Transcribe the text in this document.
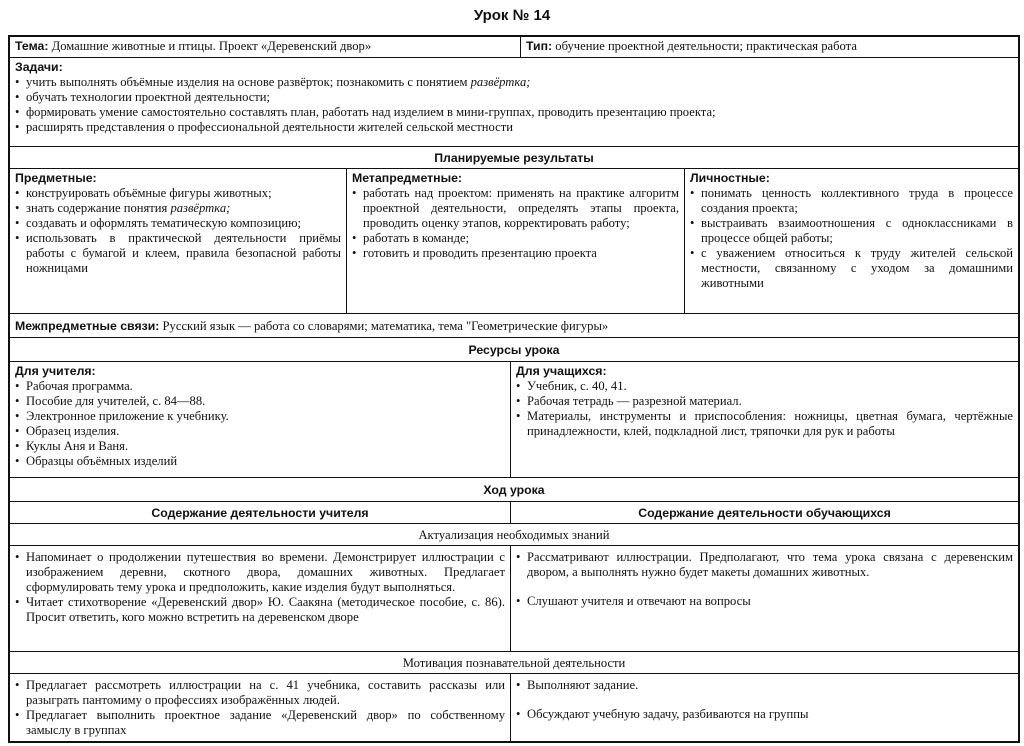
Урок № 14
Тема: Домашние животные и птицы. Проект «Деревенский двор»	Тип: обучение проектной деятельности; практическая работа
Задачи:
• учить выполнять объёмные изделия на основе развёрток; познакомить с понятием развёртка;
• обучать технологии проектной деятельности;
• формировать умение самостоятельно составлять план, работать над изделием в мини-группах, проводить презентацию проекта;
• расширять представления о профессиональной деятельности жителей сельской местности
Планируемые результаты
Предметные:
• конструировать объёмные фигуры животных;
• знать содержание понятия развёртка;
• создавать и оформлять тематическую композицию;
• использовать в практической деятельности приёмы работы с бумагой и клеем, правила безопасной работы ножницами
Метапредметные:
• работать над проектом: применять на практике алгоритм проектной деятельности, определять этапы проекта, проводить оценку этапов, корректировать работу;
• работать в команде;
• готовить и проводить презентацию проекта
Личностные:
• понимать ценность коллективного труда в процессе создания проекта;
• выстраивать взаимоотношения с одноклассниками в процессе общей работы;
• с уважением относиться к труду жителей сельской местности, связанному с уходом за домашними животными
Межпредметные связи: Русский язык — работа со словарями; математика, тема "Геометрические фигуры»
Ресурсы урока
Для учителя:
• Рабочая программа.
• Пособие для учителей, с. 84—88.
• Электронное приложение к учебнику.
• Образец изделия.
• Куклы Аня и Ваня.
• Образцы объёмных изделий
Для учащихся:
• Учебник, с. 40, 41.
• Рабочая тетрадь — разрезной материал.
• Материалы, инструменты и приспособления: ножницы, цветная бумага, чертёжные принадлежности, клей, подкладной лист, тряпочки для рук и работы
Ход урока
Содержание деятельности учителя	Содержание деятельности обучающихся
Актуализация необходимых знаний
• Напоминает о продолжении путешествия во времени. Демонстрирует иллюстрации с изображением деревни, скотного двора, домашних животных. Предлагает сформулировать тему урока и предположить, какие изделия будут выполняться.
• Читает стихотворение «Деревенский двор» Ю. Саакяна (методическое пособие, с. 86). Просит ответить, кого можно встретить на деревенском дворе
• Рассматривают иллюстрации. Предполагают, что тема урока связана с деревенским двором, а выполнять нужно будет макеты домашних животных.
• Слушают учителя и отвечают на вопросы
Мотивация познавательной деятельности
• Предлагает рассмотреть иллюстрации на с. 41 учебника, составить рассказы или разыграть пантомиму о профессиях изображённых людей.
• Предлагает выполнить проектное задание «Деревенский двор» по собственному замыслу в группах
• Выполняют задание.
• Обсуждают учебную задачу, разбиваются на группы
